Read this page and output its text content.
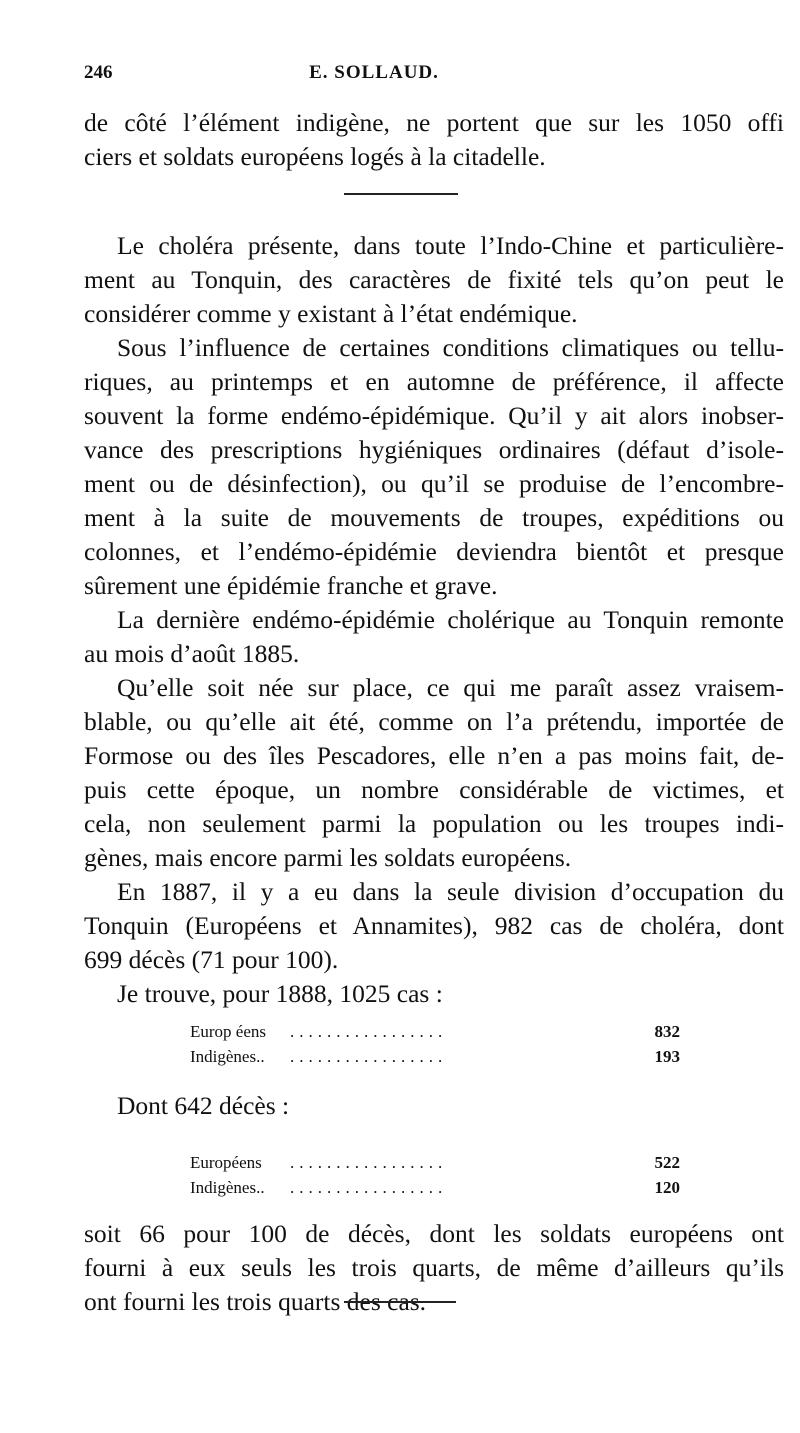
246	E. SOLLAUD.
de côté l’élément indigène, ne portent que sur les 1050 offi
ciers et soldats européens logés à la citadelle.
Le choléra présente, dans toute l’Indo-Chine et particulière-
ment au Tonquin, des caractères de fixité tels qu’on peut le
considérer comme y existant à l’état endémique.
Sous l’influence de certaines conditions climatiques ou tellu-
riques, au printemps et en automne de préférence, il affecte
souvent la forme endémo-épidémique. Qu’il y ait alors inobser-
vance des prescriptions hygiéniques ordinaires (défaut d’isole-
ment ou de désinfection), ou qu’il se produise de l’encombre-
ment à la suite de mouvements de troupes, expéditions ou
colonnes, et l’endémo-épidémie deviendra bientôt et presque
sûrement une épidémie franche et grave.
La dernière endémo-épidémie cholérique au Tonquin remonte
au mois d’août 1885.
Qu’elle soit née sur place, ce qui me paraît assez vraisem-
blable, ou qu’elle ait été, comme on l’a prétendu, importée de
Formose ou des îles Pescadores, elle n’en a pas moins fait, de-
puis cette époque, un nombre considérable de victimes, et
cela, non seulement parmi la population ou les troupes indi-
gènes, mais encore parmi les soldats européens.
En 1887, il y a eu dans la seule division d’occupation du
Tonquin (Européens et Annamites), 982 cas de choléra, dont
699 décès (71 pour 100).
Je trouve, pour 1888, 1025 cas :
Europ éens .................	832
Indigènes.. .................	193
Dont 642 décès :
Européens .................	522
Indigènes.. .................	120
soit 66 pour 100 de décès, dont les soldats européens ont
fourni à eux seuls les trois quarts, de même d’ailleurs qu’ils
ont fourni les trois quarts des cas.
